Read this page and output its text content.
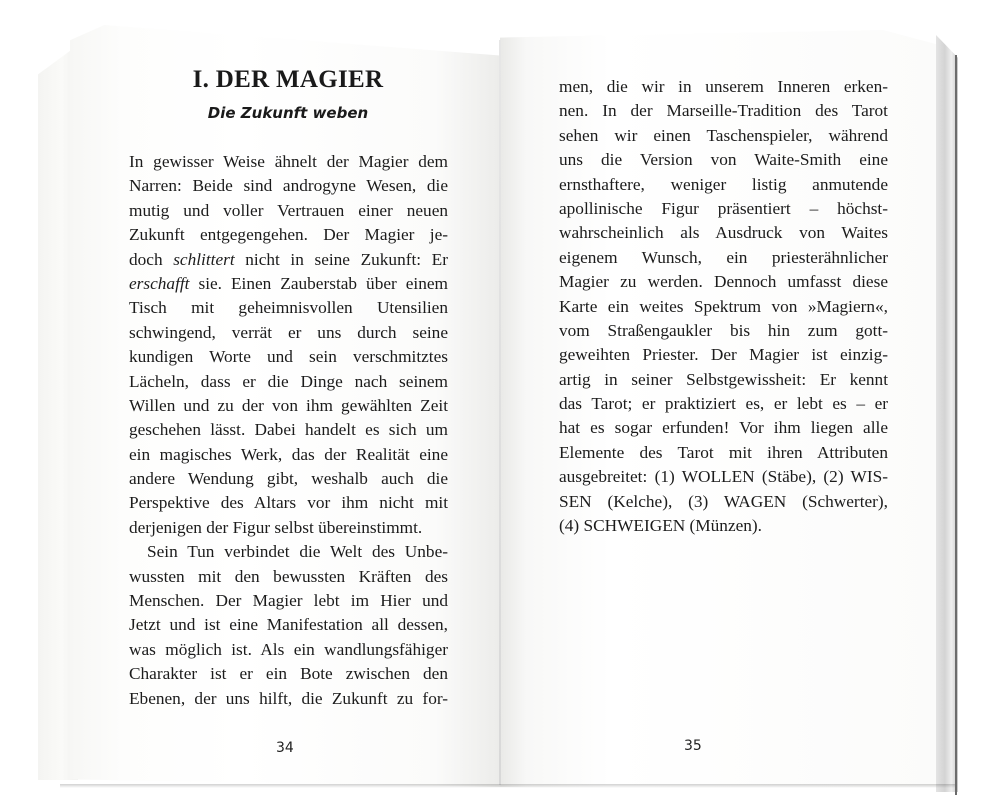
I. DER MAGIER
Die Zukunft weben
In gewisser Weise ähnelt der Magier dem
Narren: Beide sind androgyne Wesen, die
mutig und voller Vertrauen einer neuen
Zukunft entgegengehen. Der Magier je-
doch schlittert nicht in seine Zukunft: Er
erschafft sie. Einen Zauberstab über einem
Tisch mit geheimnisvollen Utensilien
schwingend, verrät er uns durch seine
kundigen Worte und sein verschmitztes
Lächeln, dass er die Dinge nach seinem
Willen und zu der von ihm gewählten Zeit
geschehen lässt. Dabei handelt es sich um
ein magisches Werk, das der Realität eine
andere Wendung gibt, weshalb auch die
Perspektive des Altars vor ihm nicht mit
derjenigen der Figur selbst übereinstimmt.
Sein Tun verbindet die Welt des Unbe-
wussten mit den bewussten Kräften des
Menschen. Der Magier lebt im Hier und
Jetzt und ist eine Manifestation all dessen,
was möglich ist. Als ein wandlungsfähiger
Charakter ist er ein Bote zwischen den
Ebenen, der uns hilft, die Zukunft zu for-
men, die wir in unserem Inneren erken-
nen. In der Marseille-Tradition des Tarot
sehen wir einen Taschenspieler, während
uns die Version von Waite-Smith eine
ernsthaftere, weniger listig anmutende
apollinische Figur präsentiert – höchst-
wahrscheinlich als Ausdruck von Waites
eigenem Wunsch, ein priesterähnlicher
Magier zu werden. Dennoch umfasst diese
Karte ein weites Spektrum von »Magiern«,
vom Straßengaukler bis hin zum gott-
geweihten Priester. Der Magier ist einzig-
artig in seiner Selbstgewissheit: Er kennt
das Tarot; er praktiziert es, er lebt es – er
hat es sogar erfunden! Vor ihm liegen alle
Elemente des Tarot mit ihren Attributen
ausgebreitet: (1) WOLLEN (Stäbe), (2) WIS-
SEN (Kelche), (3) WAGEN (Schwerter),
(4) SCHWEIGEN (Münzen).
34	35
